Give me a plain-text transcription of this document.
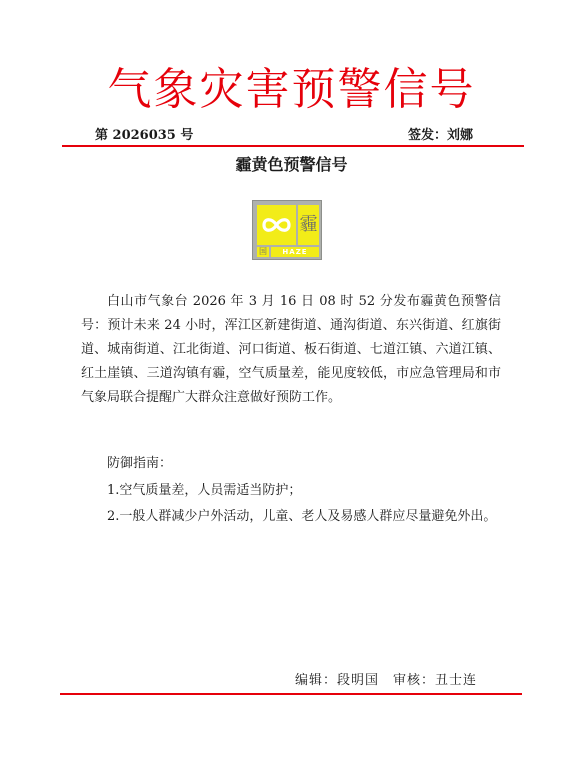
气象灾害预警信号
第 2026035 号	签发：刘娜
霾黄色预警信号
霾
国	HAZE

白山市气象台 2026 年 3 月 16 日 08 时 52 分发布霾黄色预警信号：预计未来 24 小时，浑江区新建街道、通沟街道、东兴街道、红旗街道、城南街道、江北街道、河口街道、板石街道、七道江镇、六道江镇、红土崖镇、三道沟镇有霾，空气质量差，能见度较低，市应急管理局和市气象局联合提醒广大群众注意做好预防工作。

防御指南：

1.空气质量差，人员需适当防护；

2.一般人群减少户外活动，儿童、老人及易感人群应尽量避免外出。

编辑：段明国　审核：丑士连
